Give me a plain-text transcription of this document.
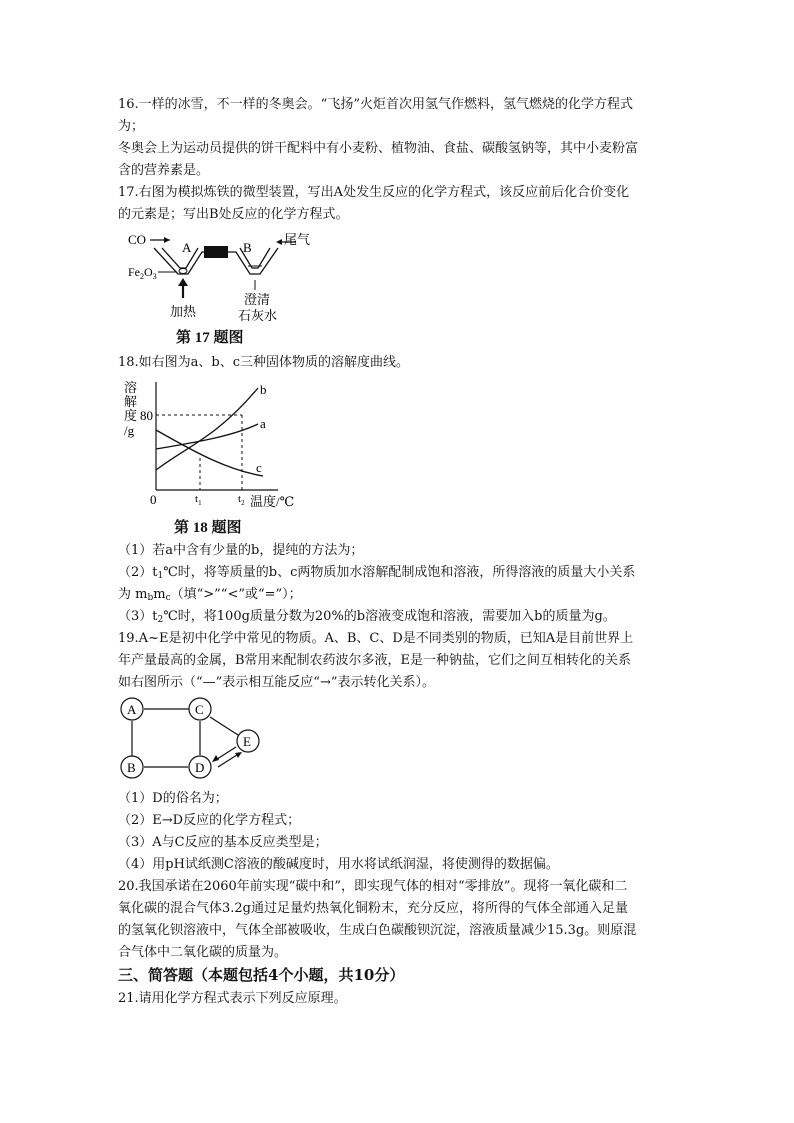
16.一样的冰雪，不一样的冬奥会。“飞扬”火炬首次用氢气作燃料，氢气燃烧的化学方程式

为；

冬奥会上为运动员提供的饼干配料中有小麦粉、植物油、食盐、碳酸氢钠等，其中小麦粉富

含的营养素是。

17.右图为模拟炼铁的微型装置，写出A处发生反应的化学方程式，该反应前后化合价变化

的元素是；写出B处反应的化学方程式。

CO
A	B
尾气
$Fe_2O_3$
加热
澄清
石灰水
第 17 题图

18.如右图为a、b、c三种固体物质的溶解度曲线。

溶
解
度 80
/g
b
a
c
0	$t_1$	$t_2$ 温度/℃
第 18 题图

（1）若a中含有少量的b，提纯的方法为；

$(2)t_1℃$时，将等质量的b、c两物质加水溶解配制成饱和溶液，所得溶液的质量大小关系

为 $m_bm_c$（填“>”“<”或“=”）；

$(3)t_2℃$时，将100g质量分数为20%的b溶液变成饱和溶液，需要加入b的质量为g。

19.A~E是初中化学中常见的物质。A、B、C、D是不同类别的物质，已知A是目前世界上

年产量最高的金属，B常用来配制农药波尔多液，E是一种钠盐，它们之间互相转化的关系

如右图所示（“—”表示相互能反应“→”表示转化关系）。

A
B
C
D
E

（1）D的俗名为；

（2）E→D反应的化学方程式；

（3）A与C反应的基本反应类型是；

（4）用pH试纸测C溶液的酸碱度时，用水将试纸润湿，将使测得的数据偏。

20.我国承诺在2060年前实现“碳中和”，即实现气体的相对“零排放”。现将一氧化碳和二

氧化碳的混合气体3.2g通过足量灼热氧化铜粉末，充分反应，将所得的气体全部通入足量

的氢氧化钡溶液中，气体全部被吸收，生成白色碳酸钡沉淀，溶液质量减少15.3g。则原混

合气体中二氧化碳的质量为。

三、简答题（本题包括4个小题，共10分）

21.请用化学方程式表示下列反应原理。
